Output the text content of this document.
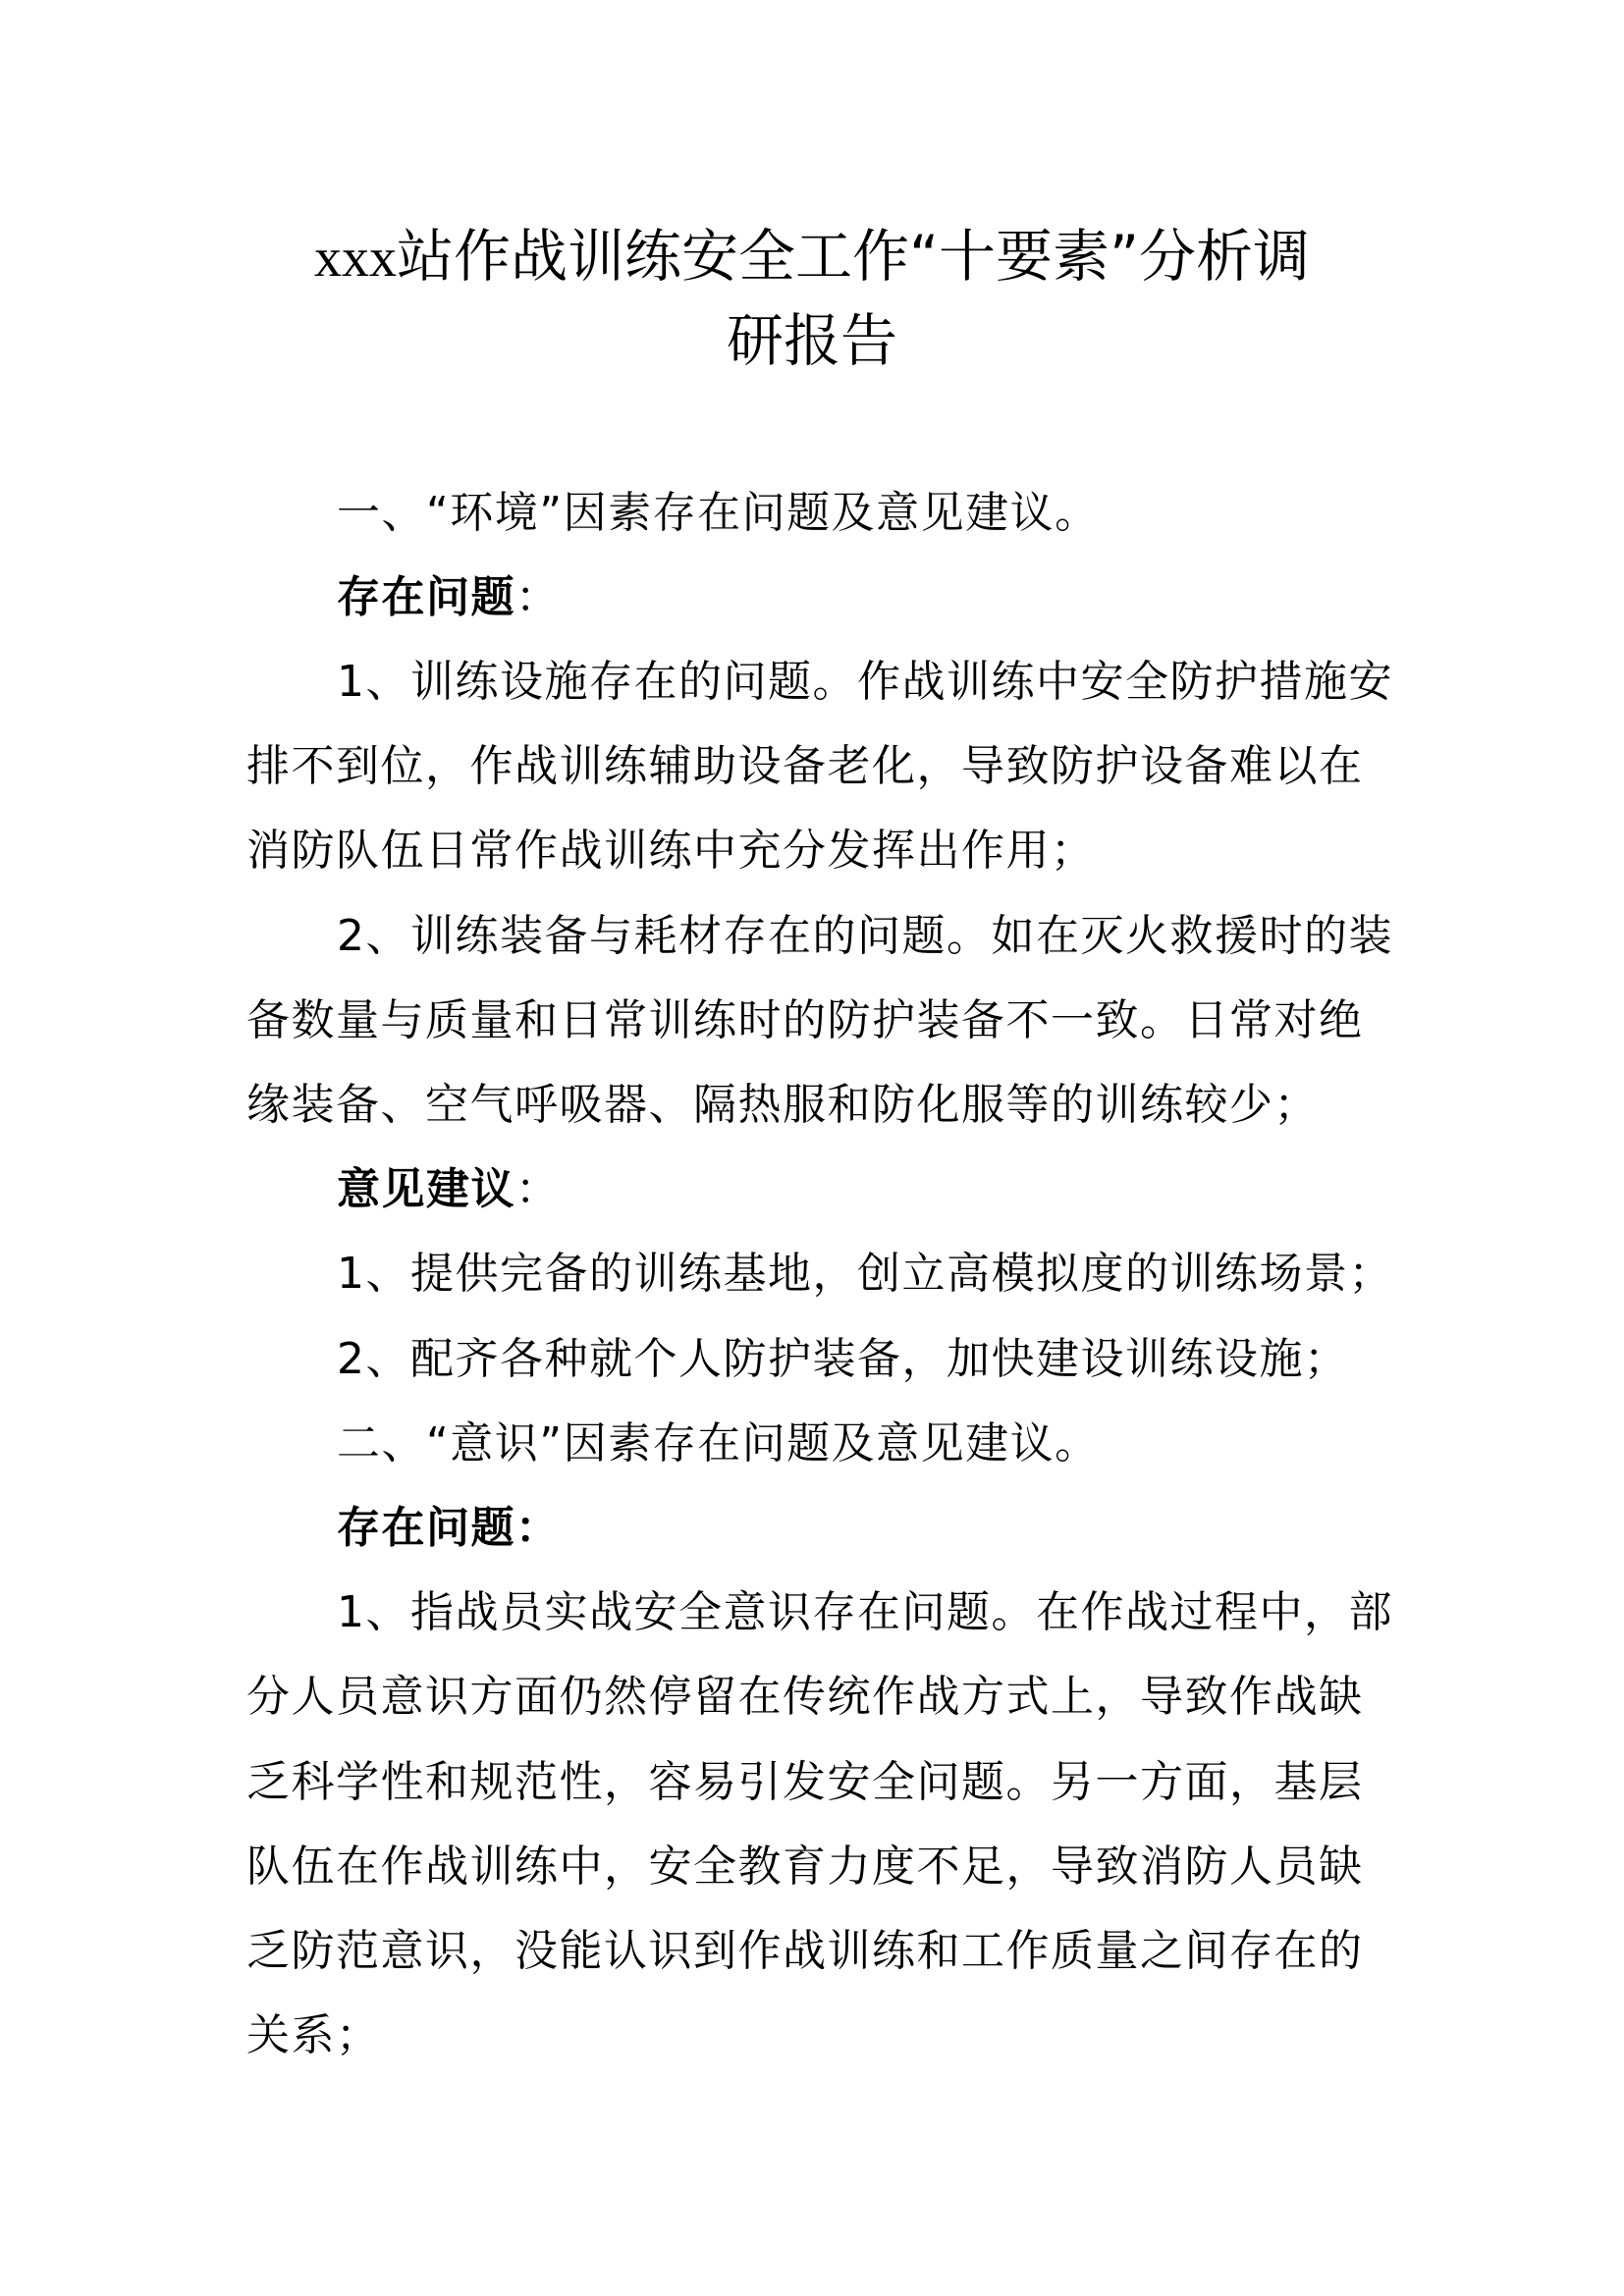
xxx站作战训练安全工作“十要素”分析调
研报告
一、“环境”因素存在问题及意见建议。
存在问题：
1、训练设施存在的问题。作战训练中安全防护措施安
排不到位，作战训练辅助设备老化，导致防护设备难以在
消防队伍日常作战训练中充分发挥出作用；
2、训练装备与耗材存在的问题。如在灭火救援时的装
备数量与质量和日常训练时的防护装备不一致。日常对绝
缘装备、空气呼吸器、隔热服和防化服等的训练较少；
意见建议：
1、提供完备的训练基地，创立高模拟度的训练场景；
2、配齐各种就个人防护装备，加快建设训练设施；
二、“意识”因素存在问题及意见建议。
存在问题：
1、指战员实战安全意识存在问题。在作战过程中，部
分人员意识方面仍然停留在传统作战方式上，导致作战缺
乏科学性和规范性，容易引发安全问题。另一方面，基层
队伍在作战训练中，安全教育力度不足，导致消防人员缺
乏防范意识，没能认识到作战训练和工作质量之间存在的
关系；
